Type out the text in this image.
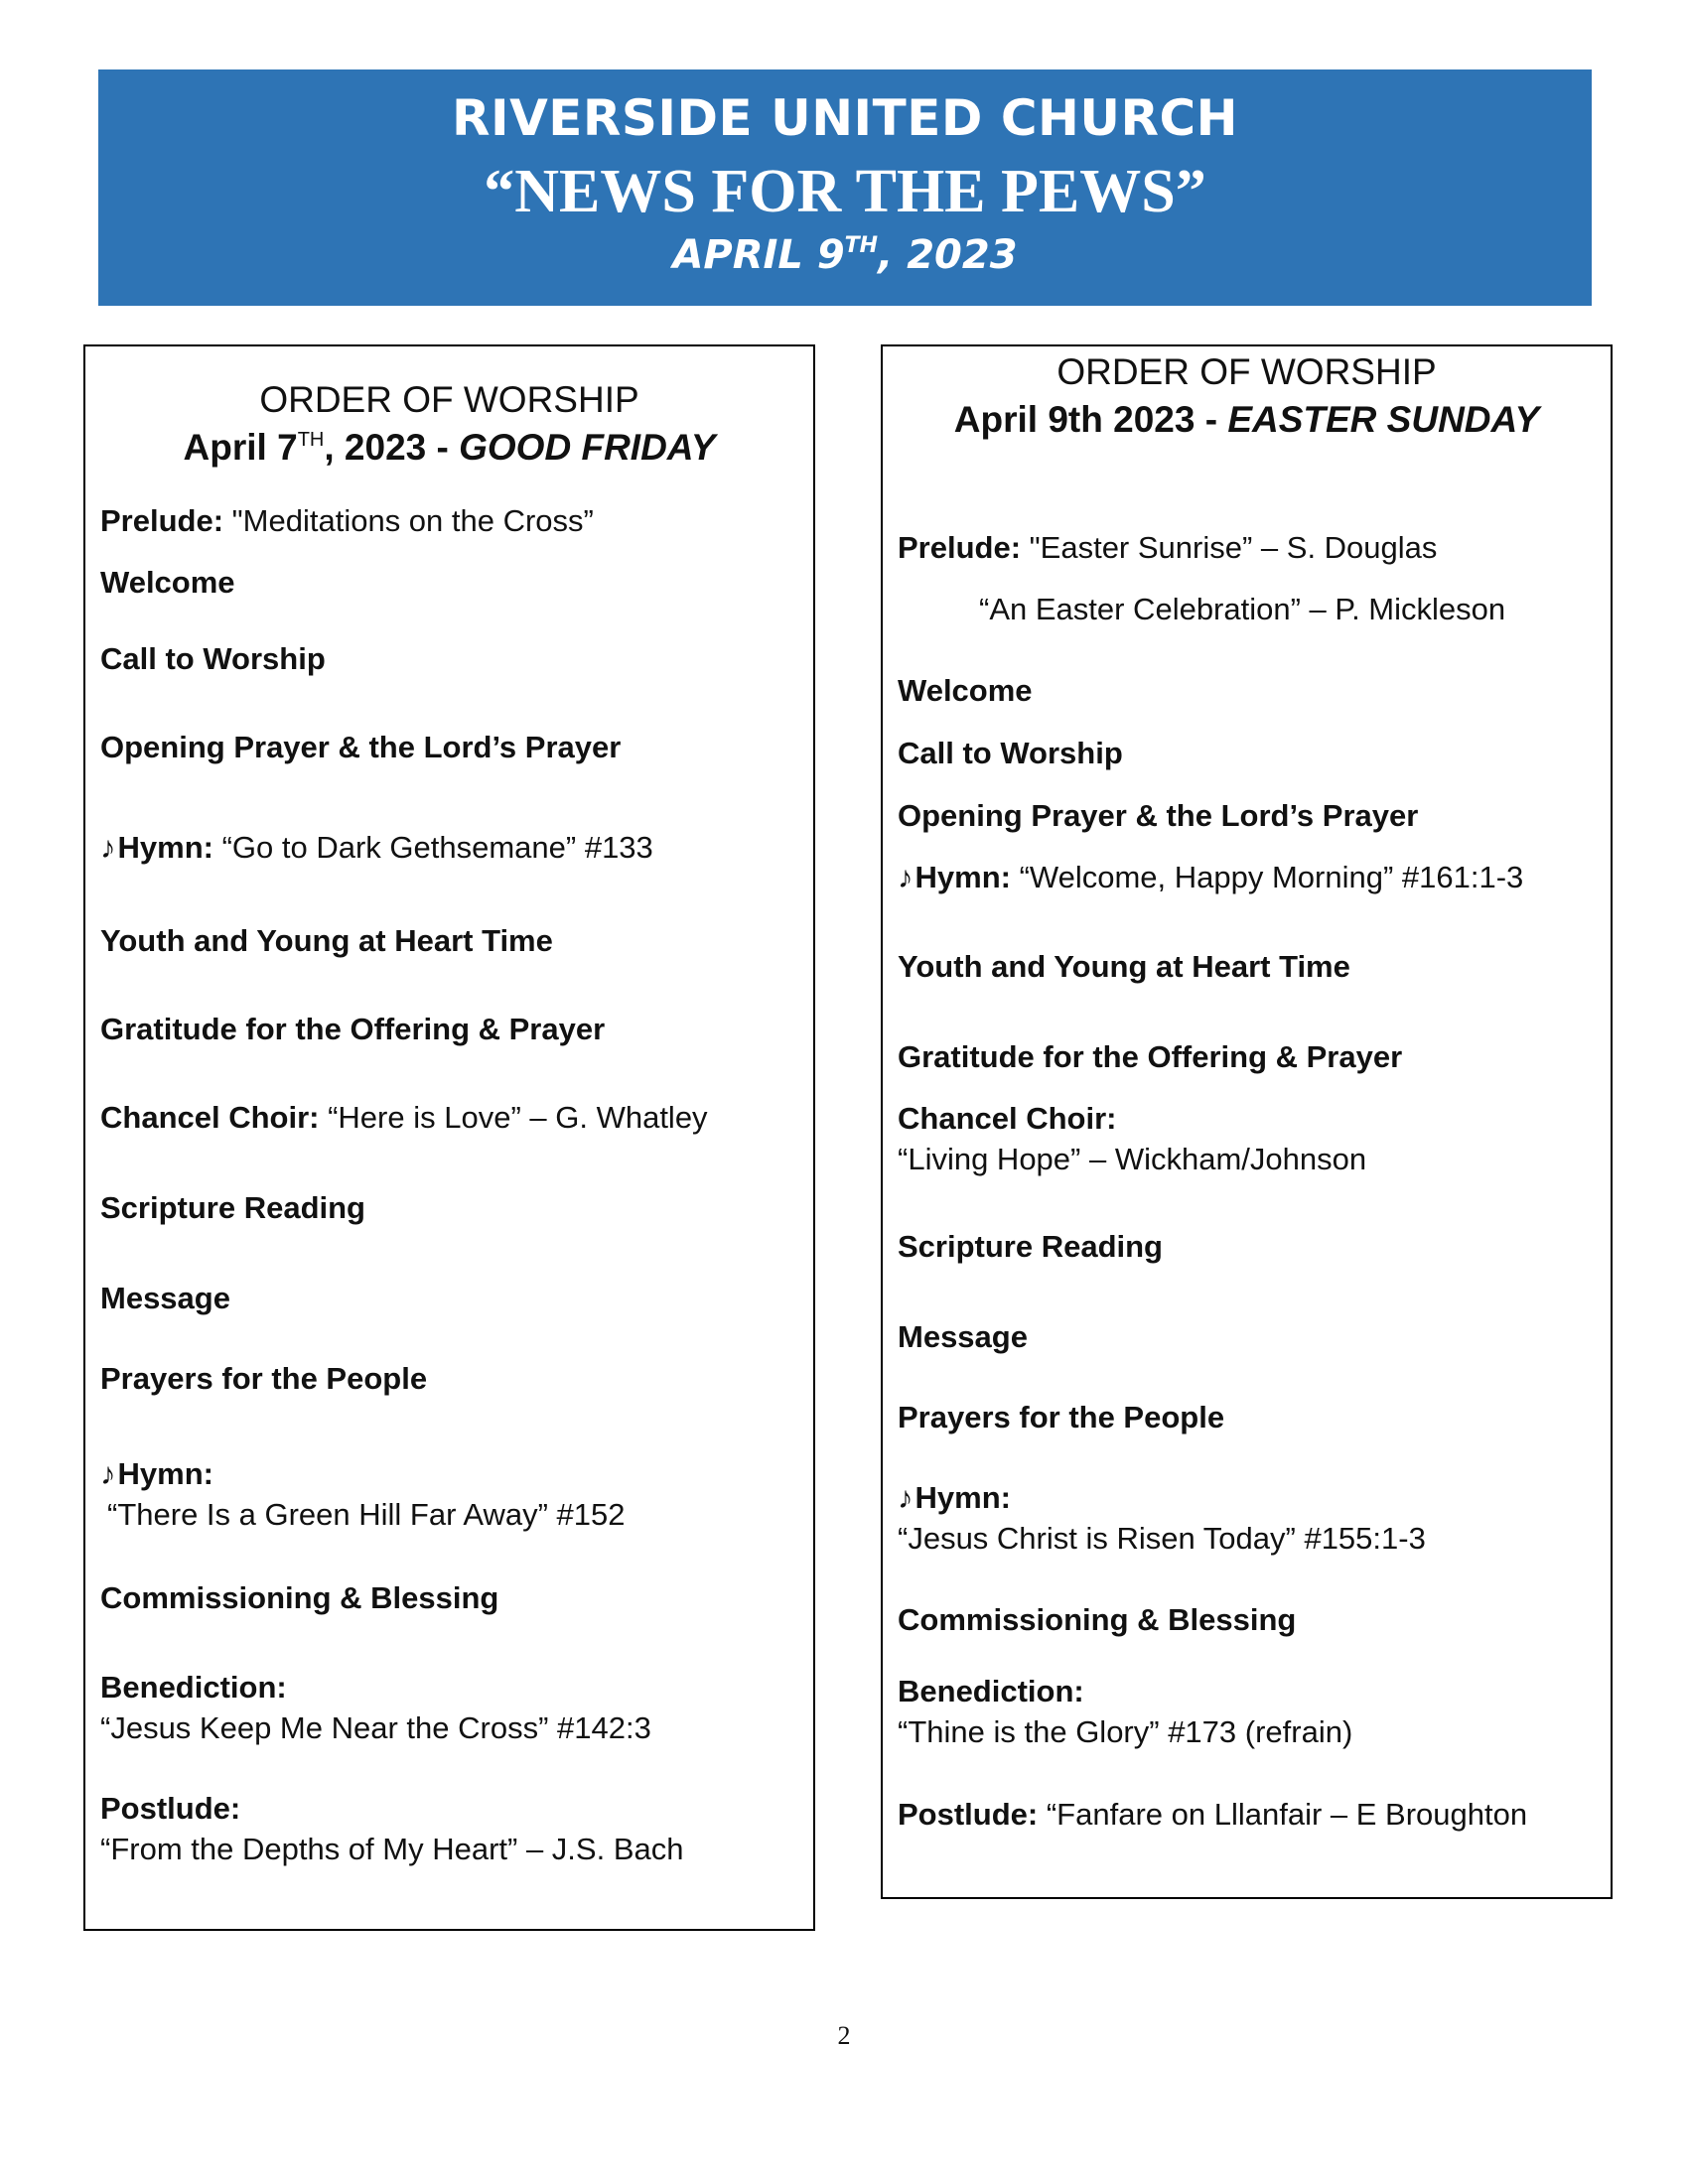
RIVERSIDE UNITED CHURCH
“NEWS FOR THE PEWS”
APRIL 9TH, 2023
ORDER OF WORSHIP
April 7TH, 2023 - GOOD FRIDAY
Prelude: "Meditations on the Cross”
Welcome
Call to Worship
Opening Prayer & the Lord’s Prayer
♪Hymn: “Go to Dark Gethsemane” #133
Youth and Young at Heart Time
Gratitude for the Offering & Prayer
Chancel Choir: “Here is Love” – G. Whatley
Scripture Reading
Message
Prayers for the People
♪Hymn:
“There Is a Green Hill Far Away” #152
Commissioning & Blessing
Benediction:
“Jesus Keep Me Near the Cross” #142:3
Postlude:
“From the Depths of My Heart” – J.S. Bach
ORDER OF WORSHIP
April 9th 2023 - EASTER SUNDAY
Prelude: "Easter Sunrise” – S. Douglas
“An Easter Celebration” – P. Mickleson
Welcome
Call to Worship
Opening Prayer & the Lord’s Prayer
♪Hymn: “Welcome, Happy Morning” #161:1-3
Youth and Young at Heart Time
Gratitude for the Offering & Prayer
Chancel Choir:
“Living Hope” – Wickham/Johnson
Scripture Reading
Message
Prayers for the People
♪Hymn:
“Jesus Christ is Risen Today” #155:1-3
Commissioning & Blessing
Benediction:
“Thine is the Glory” #173 (refrain)
Postlude: “Fanfare on Lllanfair – E Broughton
2
